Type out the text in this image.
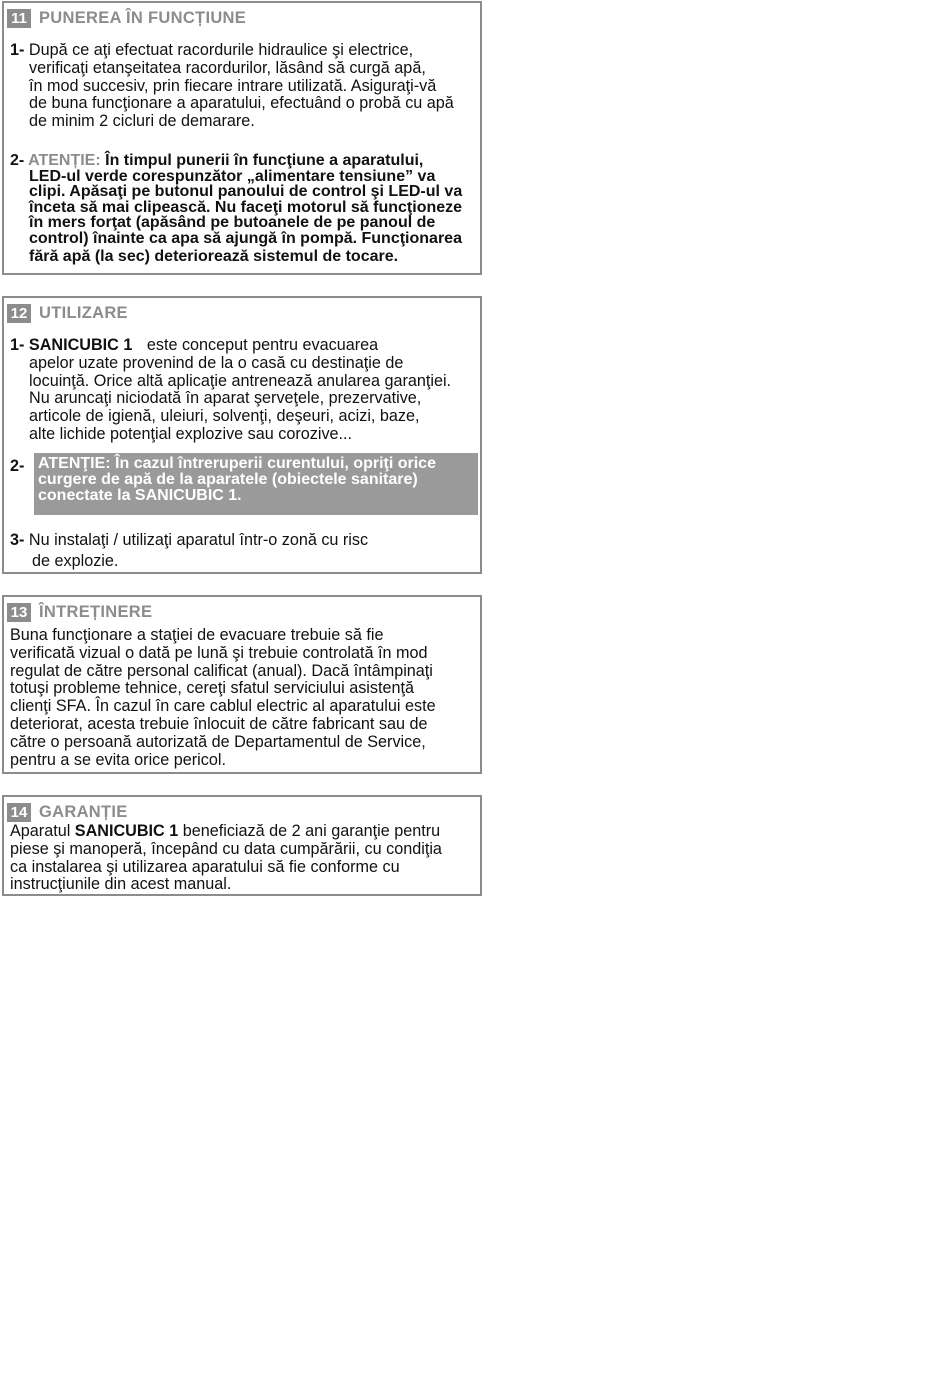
11 PUNEREA ÎN FUNCȚIUNE
1- După ce aţi efectuat racordurile hidraulice şi electrice,
verificaţi etanşeitatea racordurilor, lăsând să curgă apă,
în mod succesiv, prin fiecare intrare utilizată. Asiguraţi-vă
de buna funcţionare a aparatului, efectuând o probă cu apă
de minim 2 cicluri de demarare.
2- ATENȚIE: În timpul punerii în funcţiune a aparatului,
LED-ul verde corespunzător „alimentare tensiune” va
clipi. Apăsaţi pe butonul panoului de control şi LED-ul va
înceta să mai clipească. Nu faceţi motorul să funcţioneze
în mers forţat (apăsând pe butoanele de pe panoul de
control) înainte ca apa să ajungă în pompă. Funcţionarea
fără apă (la sec) deteriorează sistemul de tocare.
12 UTILIZARE
1- SANICUBIC 1 este conceput pentru evacuarea
apelor uzate provenind de la o casă cu destinaţie de
locuinţă. Orice altă aplicaţie antrenează anularea garanţiei.
Nu aruncaţi niciodată în aparat şerveţele, prezervative,
articole de igienă, uleiuri, solvenţi, deşeuri, acizi, baze,
alte lichide potenţial explozive sau corozive...
2- ATENŢIE: În cazul întreruperii curentului, opriţi orice
curgere de apă de la aparatele (obiectele sanitare)
conectate la SANICUBIC 1.
3- Nu instalaţi / utilizaţi aparatul într-o zonă cu risc
de explozie.
13 ÎNTREȚINERE
Buna funcţionare a staţiei de evacuare trebuie să fie
verificată vizual o dată pe lună şi trebuie controlată în mod
regulat de către personal calificat (anual). Dacă întâmpinaţi
totuşi probleme tehnice, cereţi sfatul serviciului asistenţă
clienţi SFA. În cazul în care cablul electric al aparatului este
deteriorat, acesta trebuie înlocuit de către fabricant sau de
către o persoană autorizată de Departamentul de Service,
pentru a se evita orice pericol.
14 GARANȚIE
Aparatul SANICUBIC 1 beneficiază de 2 ani garanţie pentru
piese şi manoperă, începând cu data cumpărării, cu condiţia
ca instalarea şi utilizarea aparatului să fie conforme cu
instrucţiunile din acest manual.
